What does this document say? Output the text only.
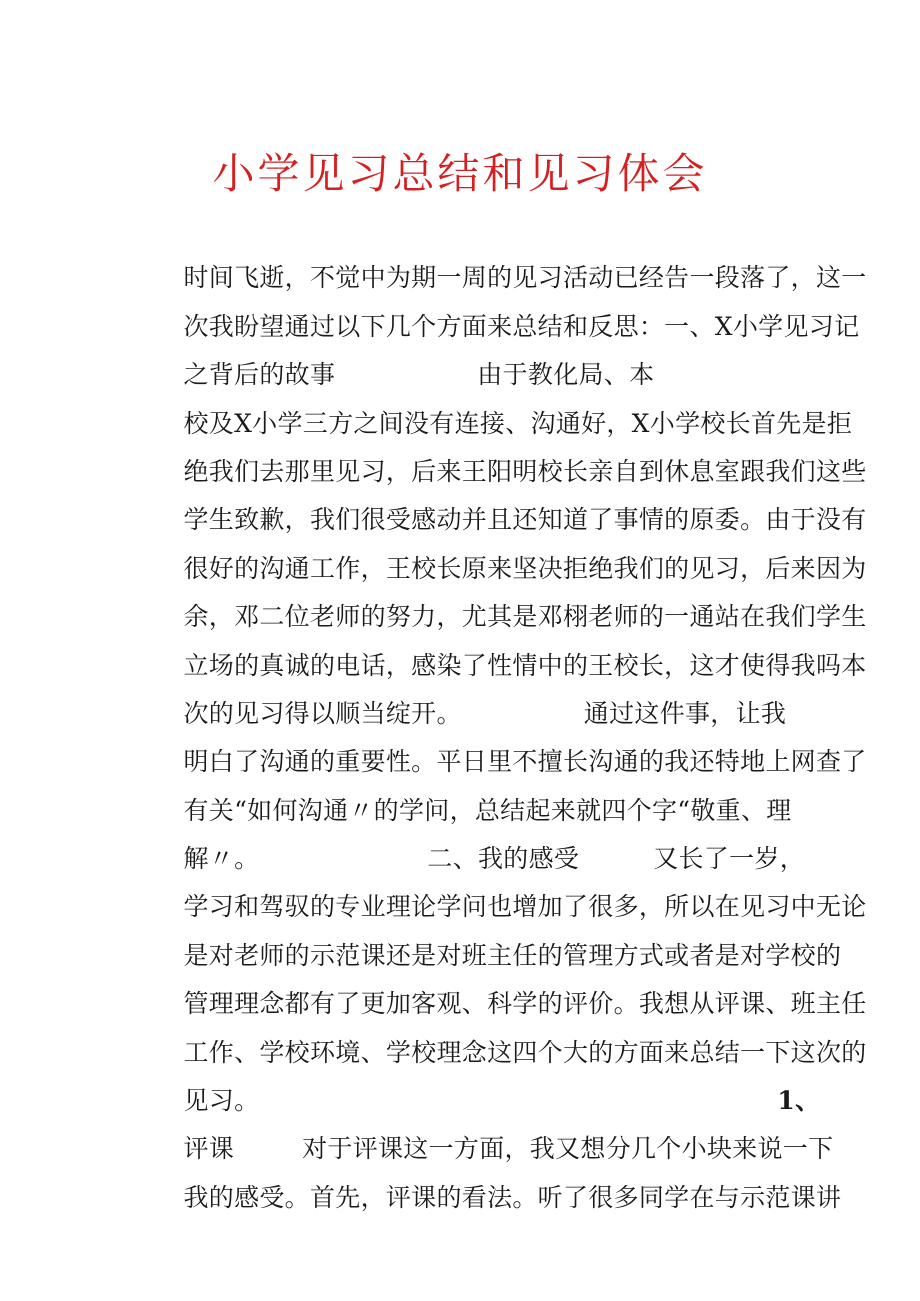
小学见习总结和见习体会

时间飞逝，不觉中为期一周的见习活动已经告一段落了，这一

次我盼望通过以下几个方面来总结和反思：一、X小学见习记

之背后的故事	由于教化局、本

校及X小学三方之间没有连接、沟通好，X小学校长首先是拒

绝我们去那里见习，后来王阳明校长亲自到休息室跟我们这些

学生致歉，我们很受感动并且还知道了事情的原委。由于没有

很好的沟通工作，王校长原来坚决拒绝我们的见习，后来因为

余，邓二位老师的努力，尤其是邓栩老师的一通站在我们学生

立场的真诚的电话，感染了性情中的王校长，这才使得我吗本

次的见习得以顺当绽开。	通过这件事，让我

明白了沟通的重要性。平日里不擅长沟通的我还特地上网查了

有关“如何沟通〃的学问，总结起来就四个字“敬重、理

解〃。	二、我的感受	又长了一岁，

学习和驾驭的专业理论学问也增加了很多，所以在见习中无论

是对老师的示范课还是对班主任的管理方式或者是对学校的

管理理念都有了更加客观、科学的评价。我想从评课、班主任

工作、学校环境、学校理念这四个大的方面来总结一下这次的

见习。	1、

评课	对于评课这一方面，我又想分几个小块来说一下

我的感受。首先，评课的看法。听了很多同学在与示范课讲
